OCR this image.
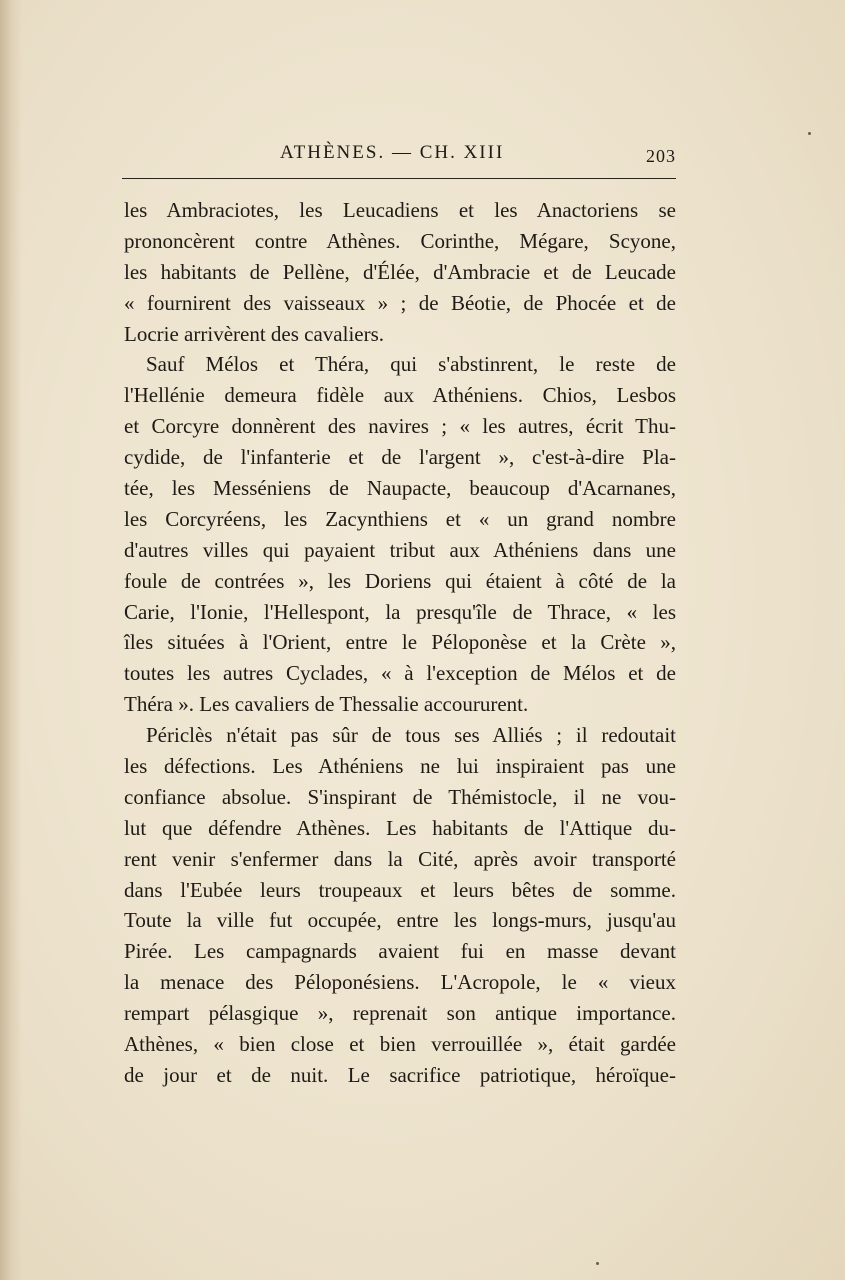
ATHÈNES. — CH. XIII	203
les Ambraciotes, les Leucadiens et les Anactoriens se
prononcèrent contre Athènes. Corinthe, Mégare, Scyone,
les habitants de Pellène, d'Élée, d'Ambracie et de Leucade
« fournirent des vaisseaux » ; de Béotie, de Phocée et de
Locrie arrivèrent des cavaliers.
Sauf Mélos et Théra, qui s'abstinrent, le reste de
l'Hellénie demeura fidèle aux Athéniens. Chios, Lesbos
et Corcyre donnèrent des navires ; « les autres, écrit Thu-
cydide, de l'infanterie et de l'argent », c'est-à-dire Pla-
tée, les Messéniens de Naupacte, beaucoup d'Acarnanes,
les Corcyréens, les Zacynthiens et « un grand nombre
d'autres villes qui payaient tribut aux Athéniens dans une
foule de contrées », les Doriens qui étaient à côté de la
Carie, l'Ionie, l'Hellespont, la presqu'île de Thrace, « les
îles situées à l'Orient, entre le Péloponèse et la Crète »,
toutes les autres Cyclades, « à l'exception de Mélos et de
Théra ». Les cavaliers de Thessalie accoururent.
Périclès n'était pas sûr de tous ses Alliés ; il redoutait
les défections. Les Athéniens ne lui inspiraient pas une
confiance absolue. S'inspirant de Thémistocle, il ne vou-
lut que défendre Athènes. Les habitants de l'Attique du-
rent venir s'enfermer dans la Cité, après avoir transporté
dans l'Eubée leurs troupeaux et leurs bêtes de somme.
Toute la ville fut occupée, entre les longs-murs, jusqu'au
Pirée. Les campagnards avaient fui en masse devant
la menace des Péloponésiens. L'Acropole, le « vieux
rempart pélasgique », reprenait son antique importance.
Athènes, « bien close et bien verrouillée », était gardée
de jour et de nuit. Le sacrifice patriotique, héroïque-
